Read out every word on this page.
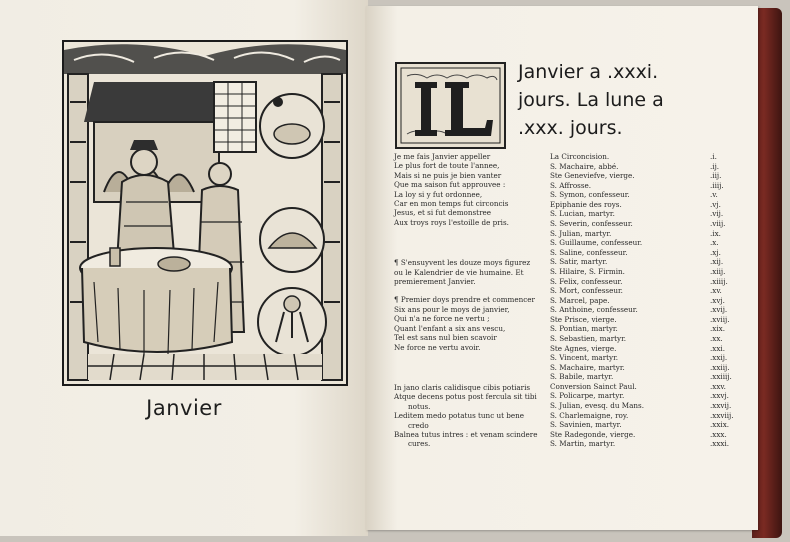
Janvier
Janvier a .xxxi.
jours. La lune a
.xxx. jours.
Je me fais Janvier appeller
Le plus fort de toute l'annee,
Mais si ne puis je bien vanter
Que ma saison fut approuvee :
La loy si y fut ordonnee,
Car en mon temps fut circoncis
Jesus, et si fut demonstree
Aux troys roys l'estoille de pris.
¶ S'ensuyvent les douze moys figurez
ou le Kalendrier de vie humaine. Et
premierement Janvier.
¶ Premier doys prendre et commencer
Six ans pour le moys de janvier,
Qui n'a ne force ne vertu ;
Quant l'enfant a six ans vescu,
Tel est sans nul bien scavoir
Ne force ne vertu avoir.
In jano claris calidisque cibis potiaris
Atque decens potus post fercula sit tibi
notus.
Leditem medo potatus tunc ut bene
credo
Balnea tutus intres : et venam scindere
cures.
La Circoncision.	.i.
S. Machaire, abbé.	.ij.
Ste Geneviefve, vierge.	.iij.
S. Affrosse.	.iiij.
S. Symon, confesseur.	.v.
Epiphanie des roys.	.vj.
S. Lucian, martyr.	.vij.
S. Severin, confesseur.	.viij.
S. Julian, martyr.	.ix.
S. Guillaume, confesseur.	.x.
S. Saline, confesseur.	.xj.
S. Satir, martyr.	.xij.
S. Hilaire, S. Firmin.	.xiij.
S. Felix, confesseur.	.xiiij.
S. Mort, confesseur.	.xv.
S. Marcel, pape.	.xvj.
S. Anthoine, confesseur.	.xvij.
Ste Prisce, vierge.	.xviij.
S. Pontian, martyr.	.xix.
S. Sebastien, martyr.	.xx.
Ste Agnes, vierge.	.xxi.
S. Vincent, martyr.	.xxij.
S. Machaire, martyr.	.xxiij.
S. Babile, martyr.	.xxiiij.
Conversion Sainct Paul.	.xxv.
S. Policarpe, martyr.	.xxvj.
S. Julian, evesq. du Mans.	.xxvij.
S. Charlemaigne, roy.	.xxviij.
S. Savinien, martyr.	.xxix.
Ste Radegonde, vierge.	.xxx.
S. Martin, martyr.	.xxxi.
